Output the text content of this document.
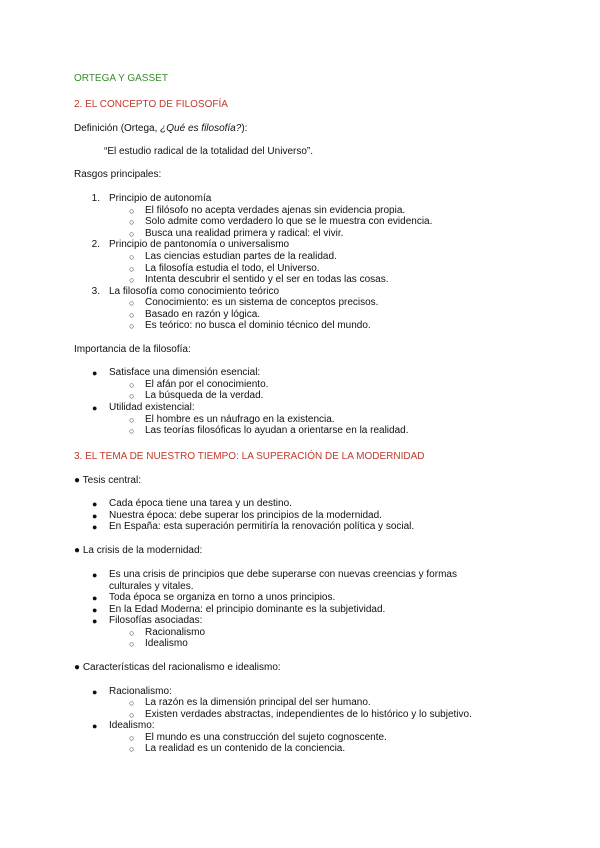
ORTEGA Y GASSET
2. EL CONCEPTO DE FILOSOFÍA
Definición (Ortega, ¿Qué es filosofía?):
“El estudio radical de la totalidad del Universo”.
Rasgos principales:
1. Principio de autonomía
○ El filósofo no acepta verdades ajenas sin evidencia propia.
○ Solo admite como verdadero lo que se le muestra con evidencia.
○ Busca una realidad primera y radical: el vivir.
2. Principio de pantonomía o universalismo
○ Las ciencias estudian partes de la realidad.
○ La filosofía estudia el todo, el Universo.
○ Intenta descubrir el sentido y el ser en todas las cosas.
3. La filosofía como conocimiento teórico
○ Conocimiento: es un sistema de conceptos precisos.
○ Basado en razón y lógica.
○ Es teórico: no busca el dominio técnico del mundo.
Importancia de la filosofía:
● Satisface una dimensión esencial:
○ El afán por el conocimiento.
○ La búsqueda de la verdad.
● Utilidad existencial:
○ El hombre es un náufrago en la existencia.
○ Las teorías filosóficas lo ayudan a orientarse en la realidad.
3. EL TEMA DE NUESTRO TIEMPO: LA SUPERACIÓN DE LA MODERNIDAD
● Tesis central:
● Cada época tiene una tarea y un destino.
● Nuestra época: debe superar los principios de la modernidad.
● En España: esta superación permitiría la renovación política y social.
● La crisis de la modernidad:
● Es una crisis de principios que debe superarse con nuevas creencias y formas
culturales y vitales.
● Toda época se organiza en torno a unos principios.
● En la Edad Moderna: el principio dominante es la subjetividad.
● Filosofías asociadas:
○ Racionalismo
○ Idealismo
● Características del racionalismo e idealismo:
● Racionalismo:
○ La razón es la dimensión principal del ser humano.
○ Existen verdades abstractas, independientes de lo histórico y lo subjetivo.
● Idealismo:
○ El mundo es una construcción del sujeto cognoscente.
○ La realidad es un contenido de la conciencia.
